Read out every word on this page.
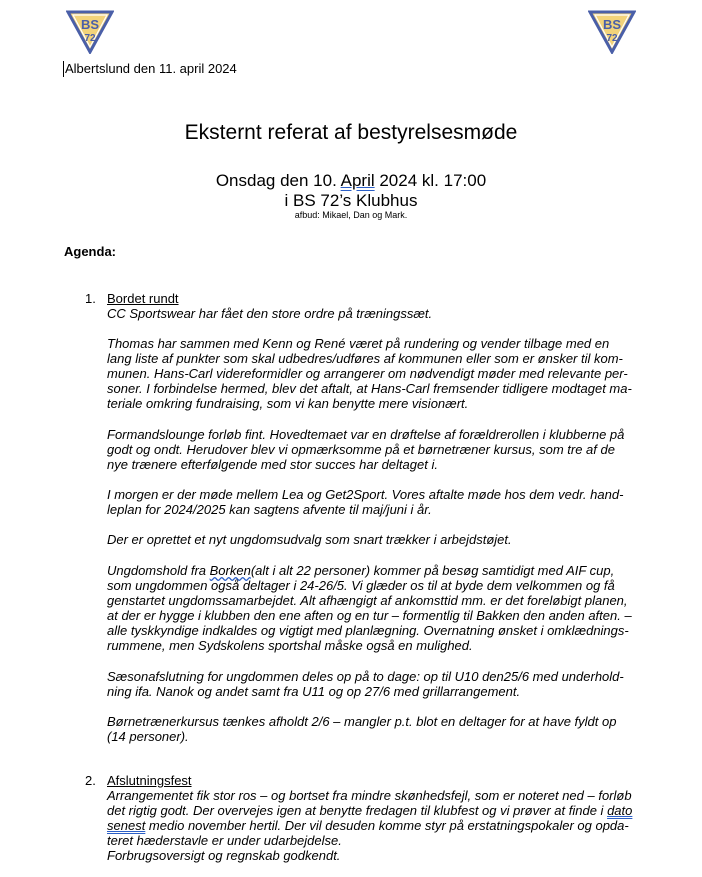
BS
72
BS
72
Albertslund den 11. april 2024
Eksternt referat af bestyrelsesmøde
Onsdag den 10. April 2024 kl. 17:00
i BS 72’s Klubhus
afbud: Mikael, Dan og Mark.
Agenda:
1. Bordet rundt
CC Sportswear har fået den store ordre på træningssæt.
Thomas har sammen med Kenn og René været på rundering og vender tilbage med en
lang liste af punkter som skal udbedres/udføres af kommunen eller som er ønsker til kom-
munen. Hans-Carl videreformidler og arrangerer om nødvendigt møder med relevante per-
soner. I forbindelse hermed, blev det aftalt, at Hans-Carl fremsender tidligere modtaget ma-
teriale omkring fundraising, som vi kan benytte mere visionært.
Formandslounge forløb fint. Hovedtemaet var en drøftelse af forældrerollen i klubberne på
godt og ondt. Herudover blev vi opmærksomme på et børnetræner kursus, som tre af de
nye trænere efterfølgende med stor succes har deltaget i.
I morgen er der møde mellem Lea og Get2Sport. Vores aftalte møde hos dem vedr. hand-
leplan for 2024/2025 kan sagtens afvente til maj/juni i år.
Der er oprettet et nyt ungdomsudvalg som snart trækker i arbejdstøjet.
Ungdomshold fra Borken(alt i alt 22 personer) kommer på besøg samtidigt med AIF cup,
som ungdommen også deltager i 24-26/5. Vi glæder os til at byde dem velkommen og få
genstartet ungdomssamarbejdet. Alt afhængigt af ankomsttid mm. er det foreløbigt planen,
at der er hygge i klubben den ene aften og en tur – formentlig til Bakken den anden aften. –
alle tyskkyndige indkaldes og vigtigt med planlægning. Overnatning ønsket i omklædnings-
rummene, men Sydskolens sportshal måske også en mulighed.
Sæsonafslutning for ungdommen deles op på to dage: op til U10 den25/6 med underhold-
ning ifa. Nanok og andet samt fra U11 og op 27/6 med grillarrangement.
Børnetrænerkursus tænkes afholdt 2/6 – mangler p.t. blot en deltager for at have fyldt op
(14 personer).
2. Afslutningsfest
Arrangementet fik stor ros – og bortset fra mindre skønhedsfejl, som er noteret ned – forløb
det rigtig godt. Der overvejes igen at benytte fredagen til klubfest og vi prøver at finde i dato
senest medio november hertil. Der vil desuden komme styr på erstatningspokaler og opda-
teret hæderstavle er under udarbejdelse.
Forbrugsoversigt og regnskab godkendt.
